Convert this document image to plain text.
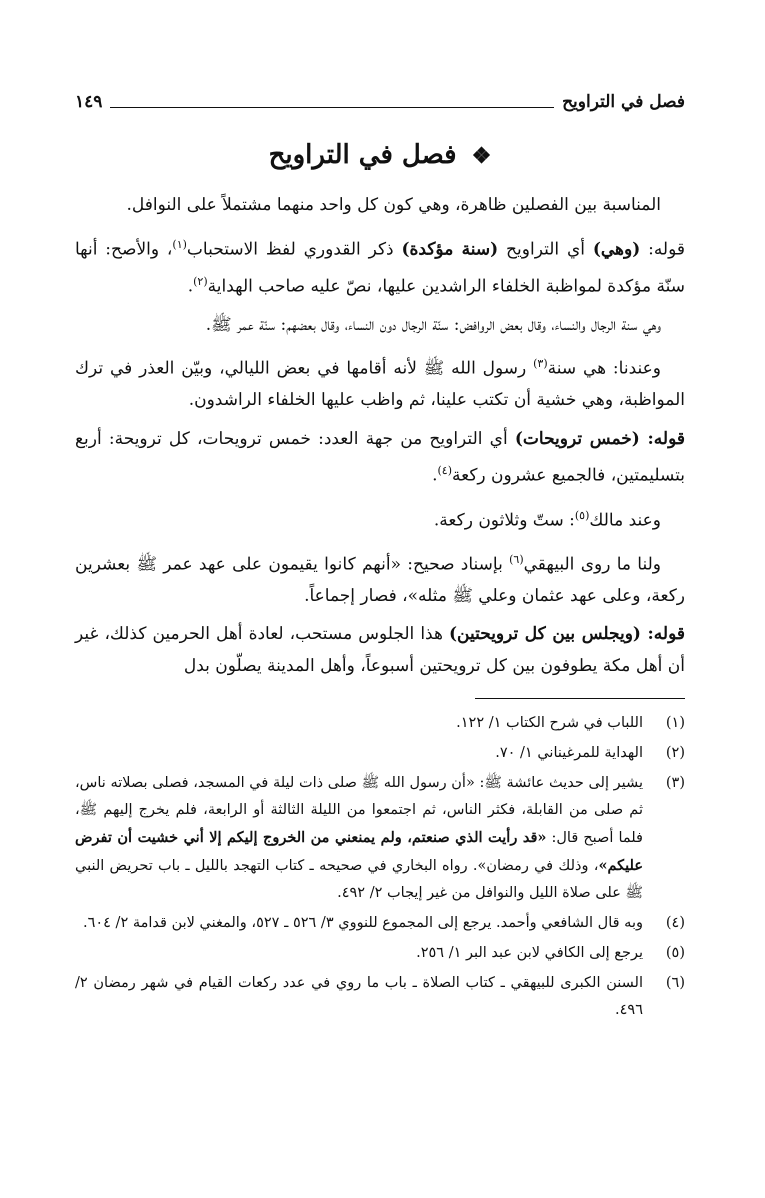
فصل في التراويح
١٤٩
❖ فصل في التراويح

المناسبة بين الفصلين ظاهرة، وهي كون كل واحد منهما مشتملاً على النوافل.

قوله: (وهي) أي التراويح (سنة مؤكدة) ذكر القدوري لفظ الاستحباب$^{(١)}$، والأصح: أنها سنّة مؤكدة لمواظبة الخلفاء الراشدين عليها، نصّ عليه صاحب الهداية$^{(٢)}$.

وهي سنة الرجال والنساء، وقال بعض الروافض: سنّة الرجال دون النساء، وقال بعضهم: سنّة عمر ﷺ.

وعندنا: هي سنة$^{(٣)}$ رسول الله ﷺ لأنه أقامها في بعض الليالي، وبيّن العذر في ترك المواظبة، وهي خشية أن تكتب علينا، ثم واظب عليها الخلفاء الراشدون.

قوله: (خمس ترويحات) أي التراويح من جهة العدد: خمس ترويحات، كل ترويحة: أربع بتسليمتين، فالجميع عشرون ركعة$^{(٤)}$.

وعند مالك$^{(٥)}$: ستّ وثلاثون ركعة.

ولنا ما روى البيهقي$^{(٦)}$ بإسناد صحيح: «أنهم كانوا يقيمون على عهد عمر ﷺ بعشرين ركعة، وعلى عهد عثمان وعلي ﷺ مثله»، فصار إجماعاً.

قوله: (ويجلس بين كل ترويحتين) هذا الجلوس مستحب، لعادة أهل الحرمين كذلك، غير أن أهل مكة يطوفون بين كل ترويحتين أسبوعاً، وأهل المدينة يصلّون بدل

(١)
اللباب في شرح الكتاب ١/ ١٢٢.
(٢)
الهداية للمرغيناني ١/ ٧٠.
(٣)
يشير إلى حديث عائشة ﷺ: «أن رسول الله ﷺ صلى ذات ليلة في المسجد، فصلى بصلاته ناس، ثم صلى من القابلة، فكثر الناس، ثم اجتمعوا من الليلة الثالثة أو الرابعة، فلم يخرج إليهم ﷺ، فلما أصبح قال: «قد رأيت الذي صنعتم، ولم يمنعني من الخروج إليكم إلا أني خشيت أن تفرض عليكم»، وذلك في رمضان». رواه البخاري في صحيحه ـ كتاب التهجد بالليل ـ باب تحريض النبي ﷺ على صلاة الليل والنوافل من غير إيجاب ٢/ ٤٩٢.
(٤)
وبه قال الشافعي وأحمد. يرجع إلى المجموع للنووي ٣/ ٥٢٦ ـ ٥٢٧، والمغني لابن قدامة ٢/ ٦٠٤.
(٥)
يرجع إلى الكافي لابن عبد البر ١/ ٢٥٦.
(٦)
السنن الكبرى للبيهقي ـ كتاب الصلاة ـ باب ما روي في عدد ركعات القيام في شهر رمضان ٢/ ٤٩٦.
